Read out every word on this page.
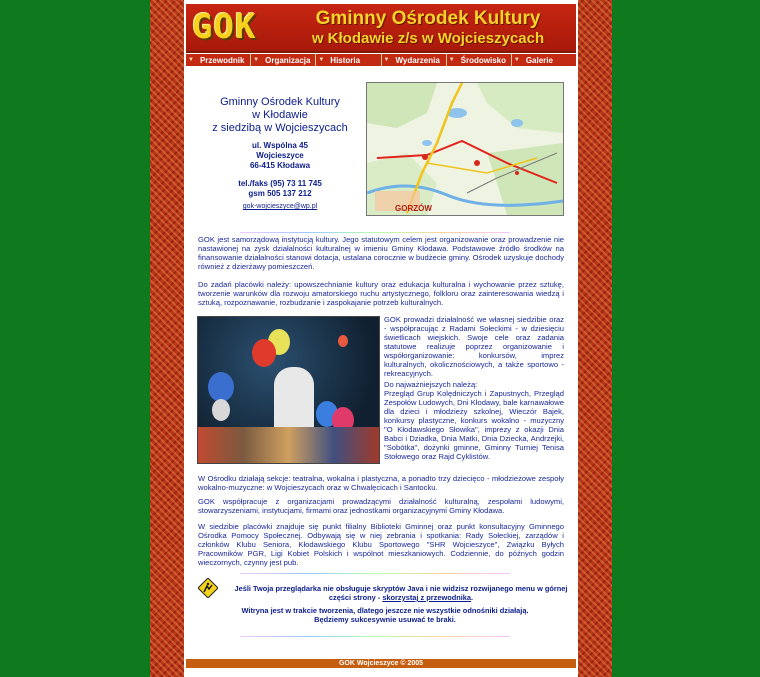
GOK	Gminny Ośrodek Kultury
w Kłodawie z/s w Wojcieszycach
▼ Przewodnik ▼ Organizacja ▼ Historia	▼ Wydarzenia ▼ Środowisko ▼ Galerie
Gminny Ośrodek Kultury
w Kłodawie
z siedzibą w Wojcieszycach
ul. Wspólna 45
Wojcieszyce
66-415 Kłodawa
tel./faks (95) 73 11 745
gsm 505 137 212
gok-wojcieszyce@wp.pl	GORZÓW
GOK jest samorządową instytucją kultury. Jego statutowym celem jest organizowanie oraz prowadzenie nie nastawionej na zysk działalności kulturalnej w imieniu Gminy Kłodawa. Podstawowe źródło środków na finansowanie działalności stanowi dotacja, ustalana corocznie w budżecie gminy. Ośrodek uzyskuje dochody również z dzierżawy pomieszczeń.
Do zadań placówki należy: upowszechnianie kultury oraz edukacja kulturalna i wychowanie przez sztukę, tworzenie warunków dla rozwoju amatorskiego ruchu artystycznego, folkloru oraz zainteresowania wiedzą i sztuką, rozpoznawanie, rozbudzanie i zaspokajanie potrzeb kulturalnych.
GOK prowadzi działalność we własnej siedzibie oraz - współpracując z Radami Sołeckimi - w dziesięciu świetlicach wiejskich. Swoje cele oraz zadania statutowe realizuje poprzez organizowanie i współorganizowanie: konkursów, imprez kulturalnych, okolicznościowych, a także sportowo - rekreacyjnych.
Do najważniejszych należą:
Przegląd Grup Kolędniczych i Zapustnych, Przegląd Zespołów Ludowych, Dni Kłodawy, bale karnawałowe dla dzieci i młodzieży szkolnej, Wieczór Bajek, konkursy plastyczne, konkurs wokalno - muzyczny "O Kłodawskiego Słowika", imprezy z okazji Dnia Babci i Dziadka, Dnia Matki, Dnia Dziecka, Andrzejki, "Sobótka", dożynki gminne, Gminny Turniej Tenisa Stołowego oraz Rajd Cyklistów.
W Ośrodku działają sekcje: teatralna, wokalna i plastyczna, a ponadto trzy dziecięco - młodzieżowe zespoły wokalno-muzyczne: w Wojcieszycach oraz w Chwalęcicach i Santocku.
GOK współpracuje z organizacjami prowadzącymi działalność kulturalną, zespołami ludowymi, stowarzyszeniami, instytucjami, firmami oraz jednostkami organizacyjnymi Gminy Kłodawa.
W siedzibie placówki znajduje się punkt filialny Biblioteki Gminnej oraz punkt konsultacyjny Gminnego Ośrodka Pomocy Społecznej. Odbywają się w niej zebrania i spotkania: Rady Sołeckiej, zarządów i członków Klubu Seniora, Kłodawskiego Klubu Sportowego "SHR Wojcieszyce", Związku Byłych Pracowników PGR, Ligi Kobiet Polskich i wspólnot mieszkaniowych. Codziennie, do późnych godzin wieczornych, czynny jest pub.
Jeśli Twoja przeglądarka nie obsługuje skryptów Java i nie widzisz rozwijanego menu w górnej części strony - skorzystaj z przewodnika.
Witryna jest w trakcie tworzenia, dlatego jeszcze nie wszystkie odnośniki działają.
Będziemy sukcesywnie usuwać te braki.
GOK Wojcieszyce © 2005
